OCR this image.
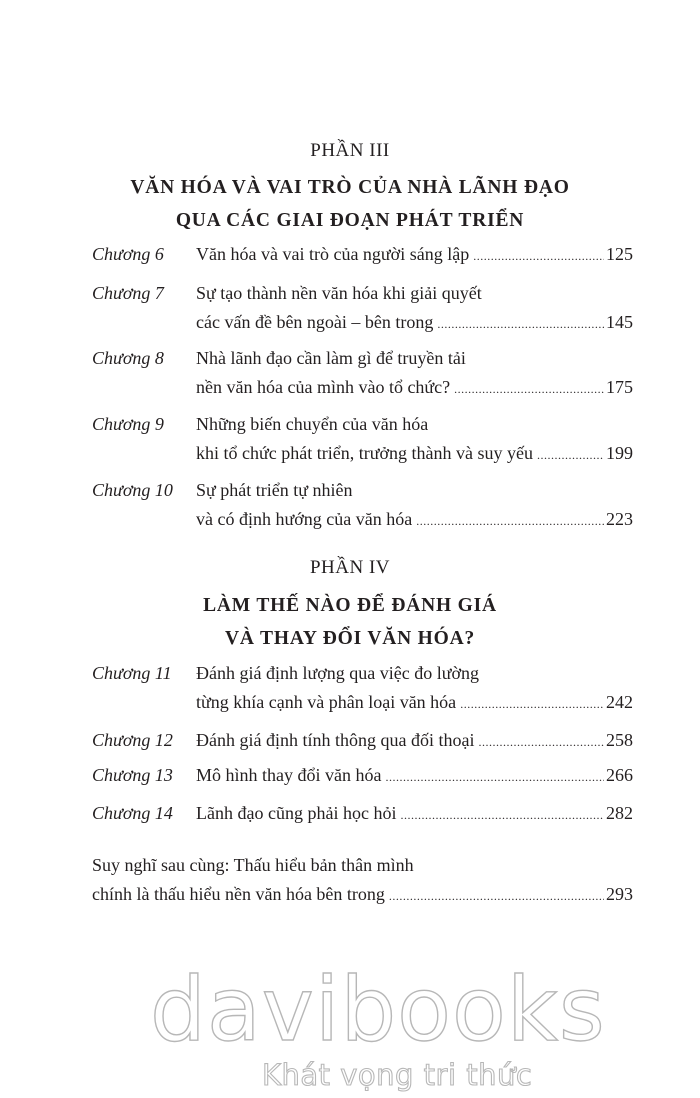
PHẦN III
VĂN HÓA VÀ VAI TRÒ CỦA NHÀ LÃNH ĐẠO
QUA CÁC GIAI ĐOẠN PHÁT TRIỂN
Chương 6 Văn hóa và vai trò của người sáng lập .....	125
Chương 7 Sự tạo thành nền văn hóa khi giải quyết
các vấn đề bên ngoài – bên trong .....	145
Chương 8 Nhà lãnh đạo cần làm gì để truyền tải
nền văn hóa của mình vào tổ chức? .....	175
Chương 9 Những biến chuyển của văn hóa
khi tổ chức phát triển, trưởng thành và suy yếu .....	199
Chương 10 Sự phát triển tự nhiên
và có định hướng của văn hóa .....	223
PHẦN IV
LÀM THẾ NÀO ĐỂ ĐÁNH GIÁ
VÀ THAY ĐỔI VĂN HÓA?
Chương 11 Đánh giá định lượng qua việc đo lường
từng khía cạnh và phân loại văn hóa .....	242
Chương 12 Đánh giá định tính thông qua đối thoại .....	258
Chương 13 Mô hình thay đổi văn hóa .....	266
Chương 14 Lãnh đạo cũng phải học hỏi .....	282
Suy nghĩ sau cùng: Thấu hiểu bản thân mình
chính là thấu hiểu nền văn hóa bên trong .....	293
davibooks
Khát vọng tri thức
